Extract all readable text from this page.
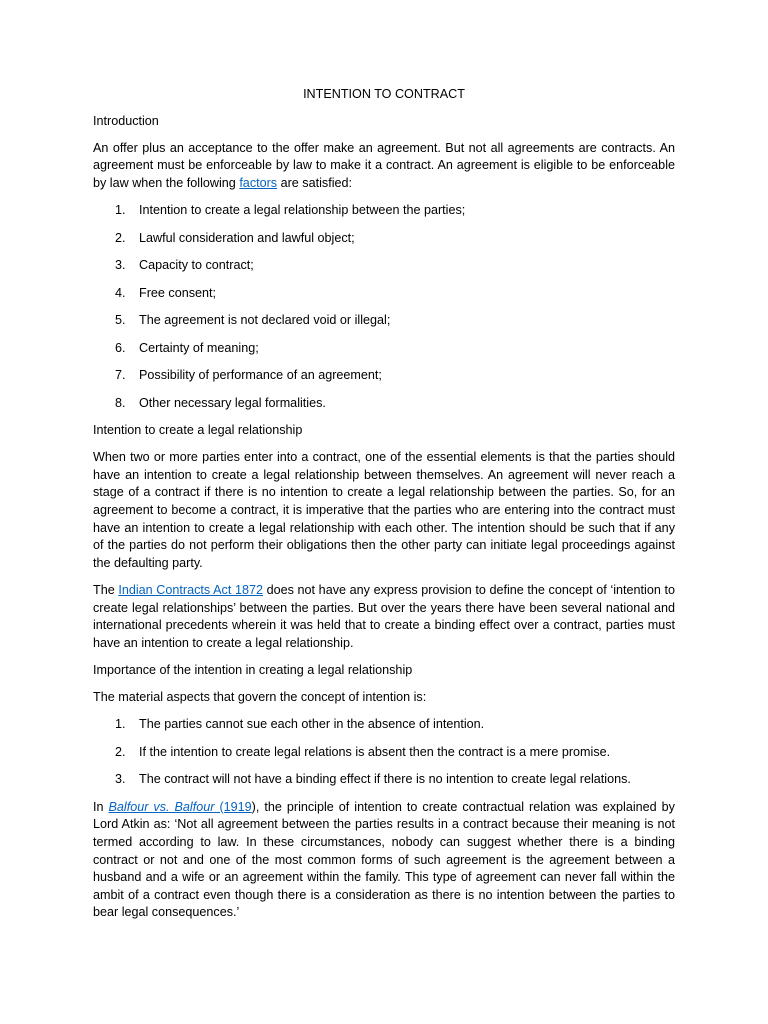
INTENTION TO CONTRACT

Introduction

An offer plus an acceptance to the offer make an agreement. But not all agreements are contracts. An agreement must be enforceable by law to make it a contract. An agreement is eligible to be enforceable by law when the following factors are satisfied:

1.	Intention to create a legal relationship between the parties;
2.	Lawful consideration and lawful object;
3.	Capacity to contract;
4.	Free consent;
5.	The agreement is not declared void or illegal;
6.	Certainty of meaning;
7.	Possibility of performance of an agreement;
8.	Other necessary legal formalities.

Intention to create a legal relationship

When two or more parties enter into a contract, one of the essential elements is that the parties should have an intention to create a legal relationship between themselves. An agreement will never reach a stage of a contract if there is no intention to create a legal relationship between the parties. So, for an agreement to become a contract, it is imperative that the parties who are entering into the contract must have an intention to create a legal relationship with each other. The intention should be such that if any of the parties do not perform their obligations then the other party can initiate legal proceedings against the defaulting party.

The Indian Contracts Act 1872 does not have any express provision to define the concept of ‘intention to create legal relationships’ between the parties. But over the years there have been several national and international precedents wherein it was held that to create a binding effect over a contract, parties must have an intention to create a legal relationship.

Importance of the intention in creating a legal relationship

The material aspects that govern the concept of intention is:

1.	The parties cannot sue each other in the absence of intention.
2.	If the intention to create legal relations is absent then the contract is a mere promise.
3.	The contract will not have a binding effect if there is no intention to create legal relations.

In Balfour vs. Balfour (1919), the principle of intention to create contractual relation was explained by Lord Atkin as: ‘Not all agreement between the parties results in a contract because their meaning is not termed according to law. In these circumstances, nobody can suggest whether there is a binding contract or not and one of the most common forms of such agreement is the agreement between a husband and a wife or an agreement within the family. This type of agreement can never fall within the ambit of a contract even though there is a consideration as there is no intention between the parties to bear legal consequences.’
